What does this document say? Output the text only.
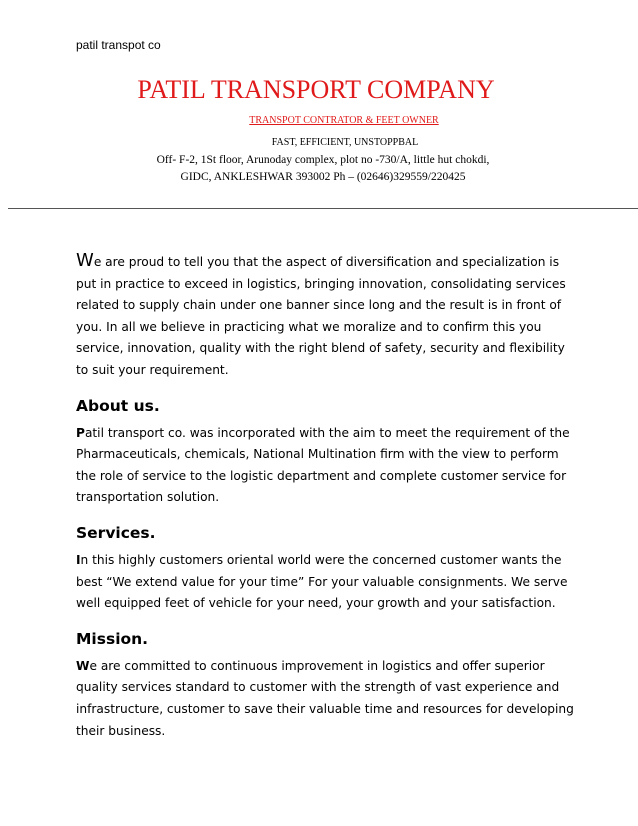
patil transpot co
PATIL TRANSPORT COMPANY
TRANSPOT CONTRATOR & FEET OWNER
FAST, EFFICIENT, UNSTOPPBAL
Off- F-2, 1St floor, Arunoday complex, plot no -730/A, little hut chokdi,
GIDC, ANKLESHWAR 393002 Ph – (02646)329559/220425

We are proud to tell you that the aspect of diversification and specialization is put in practice to exceed in logistics, bringing innovation, consolidating services related to supply chain under one banner since long and the result is in front of you. In all we believe in practicing what we moralize and to confirm this you service, innovation, quality with the right blend of safety, security and flexibility to suit your requirement.

About us.

Patil transport co. was incorporated with the aim to meet the requirement of the Pharmaceuticals, chemicals, National Multination firm with the view to perform the role of service to the logistic department and complete customer service for transportation solution.

Services.

In this highly customers oriental world were the concerned customer wants the best “We extend value for your time” For your valuable consignments. We serve well equipped feet of vehicle for your need, your growth and your satisfaction.

Mission.

We are committed to continuous improvement in logistics and offer superior quality services standard to customer with the strength of vast experience and infrastructure, customer to save their valuable time and resources for developing their business.
